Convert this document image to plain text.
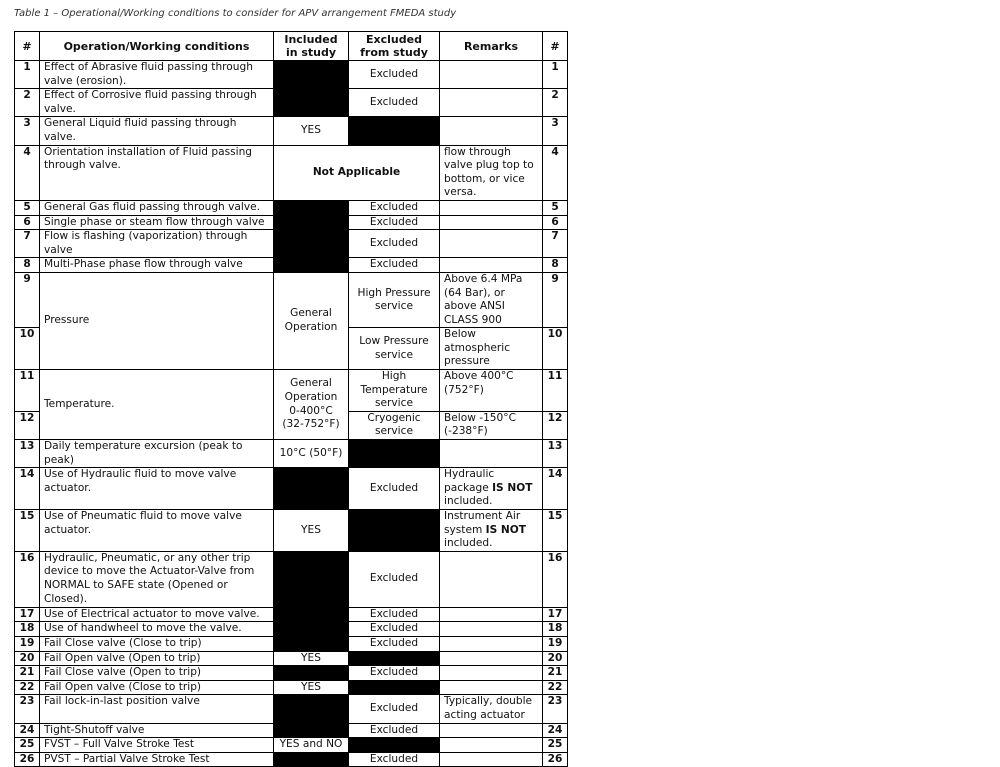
Table 1 – Operational/Working conditions to consider for APV arrangement FMEDA study
#	Operation/Working conditions	Included in study	Excluded from study	Remarks	#
1	Effect of Abrasive fluid passing through valve (erosion).		Excluded		1
2	Effect of Corrosive fluid passing through valve.		Excluded		2
3	General Liquid fluid passing through valve.	YES			3
4	Orientation installation of Fluid passing through valve.	Not Applicable		flow through valve plug top to bottom, or vice versa.	4
5	General Gas fluid passing through valve.		Excluded		5
6	Single phase or steam flow through valve		Excluded		6
7	Flow is flashing (vaporization) through valve		Excluded		7
8	Multi-Phase phase flow through valve		Excluded		8
9	Pressure	General Operation	High Pressure service	Above 6.4 MPa (64 Bar), or above ANSI CLASS 900	9
10			Low Pressure service	Below atmospheric pressure	10
11	Temperature.	General Operation 0-400°C (32-752°F)	High Temperature service	Above 400°C (752°F)	11
12			Cryogenic service	Below -150°C (-238°F)	12
13	Daily temperature excursion (peak to peak)	10°C (50°F)			13
14	Use of Hydraulic fluid to move valve actuator.		Excluded	Hydraulic package IS NOT included.	14
15	Use of Pneumatic fluid to move valve actuator.	YES		Instrument Air system IS NOT included.	15
16	Hydraulic, Pneumatic, or any other trip device to move the Actuator-Valve from NORMAL to SAFE state (Opened or Closed).		Excluded		16
17	Use of Electrical actuator to move valve.		Excluded		17
18	Use of handwheel to move the valve.		Excluded		18
19	Fail Close valve (Close to trip)		Excluded		19
20	Fail Open valve (Open to trip)	YES			20
21	Fail Close valve (Open to trip)		Excluded		21
22	Fail Open valve (Close to trip)	YES			22
23	Fail lock-in-last position valve		Excluded	Typically, double acting actuator	23
24	Tight-Shutoff valve		Excluded		24
25	FVST – Full Valve Stroke Test	YES and NO			25
26	PVST – Partial Valve Stroke Test		Excluded		26
